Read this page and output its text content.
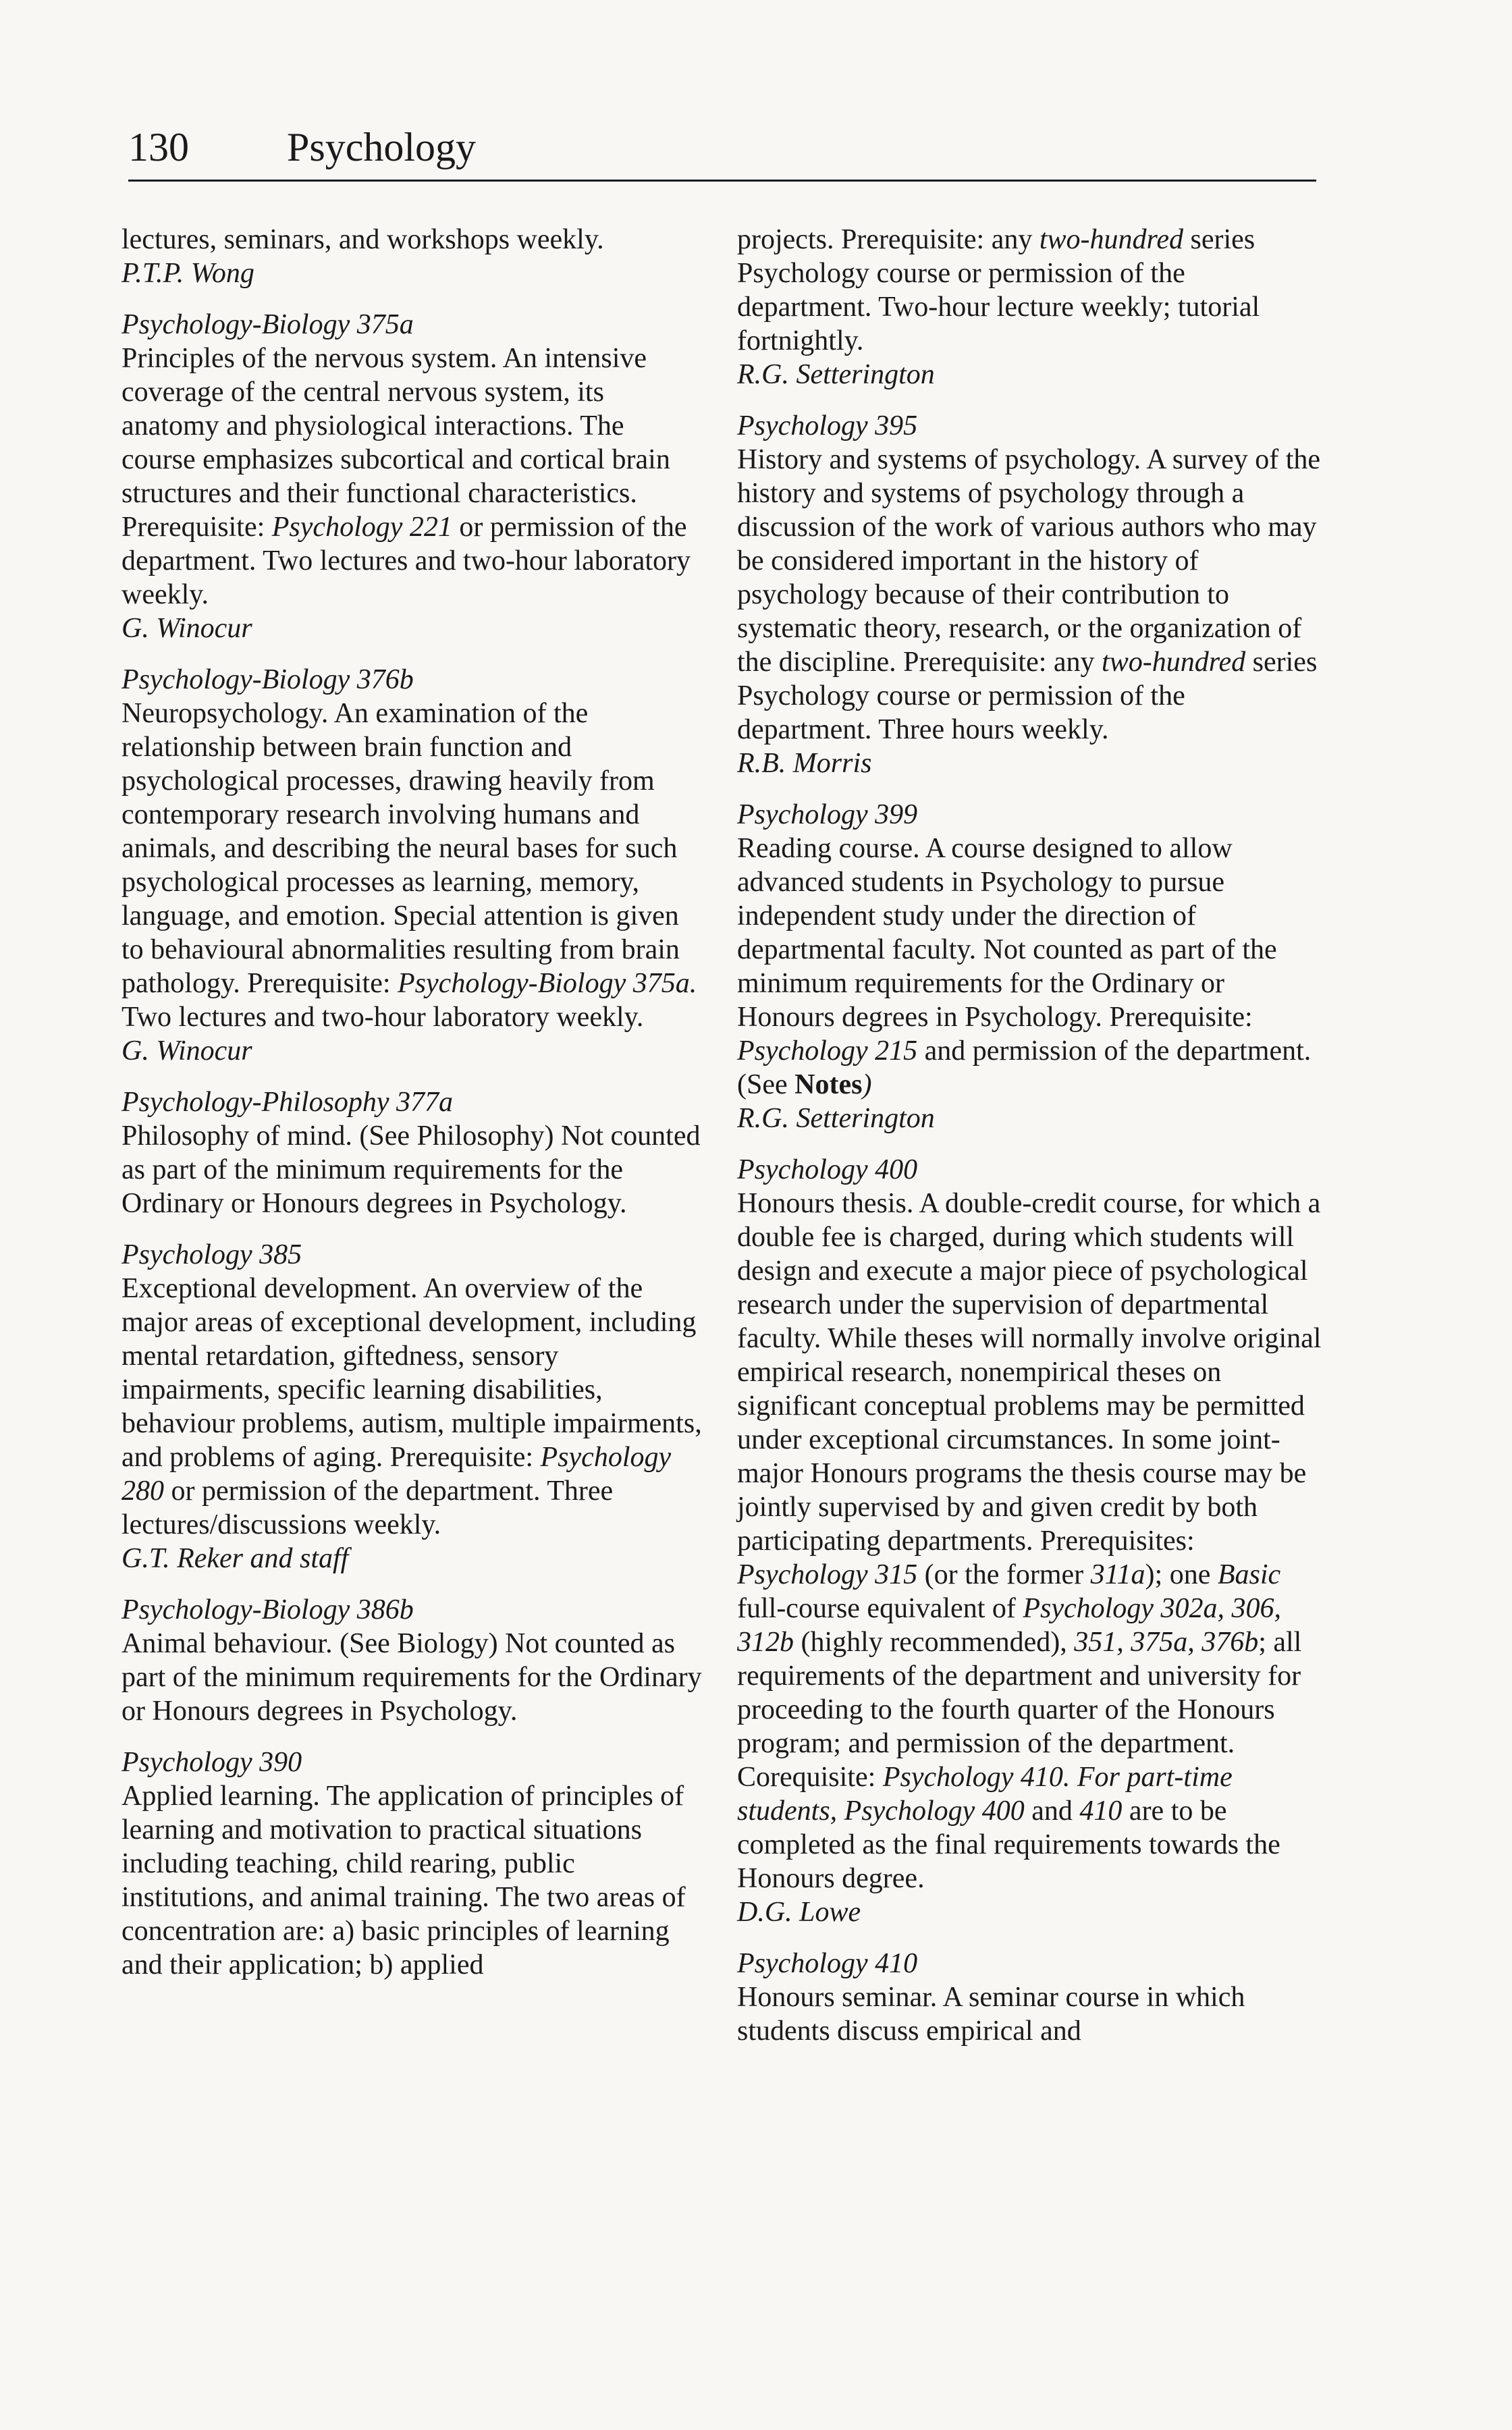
130	Psychology

lectures, seminars, and workshops weekly.

P.T.P. Wong

Psychology-Biology 375a

Principles of the nervous system. An intensive coverage of the central nervous system, its anatomy and physiological interactions. The course emphasizes subcortical and cortical brain structures and their functional characteristics. Prerequisite: Psychology 221 or permission of the department. Two lectures and two-hour laboratory weekly.

G. Winocur

Psychology-Biology 376b

Neuropsychology. An examination of the relationship between brain function and psychological processes, drawing heavily from contemporary research involving humans and animals, and describing the neural bases for such psychological processes as learning, memory, language, and emotion. Special attention is given to behavioural abnormalities resulting from brain pathology. Prerequisite: Psychology-Biology 375a. Two lectures and two-hour laboratory weekly.

G. Winocur

Psychology-Philosophy 377a

Philosophy of mind. (See Philosophy) Not counted as part of the minimum requirements for the Ordinary or Honours degrees in Psychology.

Psychology 385

Exceptional development. An overview of the major areas of exceptional development, including mental retardation, giftedness, sensory impairments, specific learning disabilities, behaviour problems, autism, multiple impairments, and problems of aging. Prerequisite: Psychology 280 or permission of the department. Three lectures/discussions weekly.

G.T. Reker and staff

Psychology-Biology 386b

Animal behaviour. (See Biology) Not counted as part of the minimum requirements for the Ordinary or Honours degrees in Psychology.

Psychology 390

Applied learning. The application of principles of learning and motivation to practical situations including teaching, child rearing, public institutions, and animal training. The two areas of concentration are: a) basic principles of learning and their application; b) applied

projects. Prerequisite: any two-hundred series Psychology course or permission of the department. Two-hour lecture weekly; tutorial fortnightly.

R.G. Setterington

Psychology 395

History and systems of psychology. A survey of the history and systems of psychology through a discussion of the work of various authors who may be considered important in the history of psychology because of their contribution to systematic theory, research, or the organization of the discipline. Prerequisite: any two-hundred series Psychology course or permission of the department. Three hours weekly.

R.B. Morris

Psychology 399

Reading course. A course designed to allow advanced students in Psychology to pursue independent study under the direction of departmental faculty. Not counted as part of the minimum requirements for the Ordinary or Honours degrees in Psychology. Prerequisite: Psychology 215 and permission of the department. (See Notes)

R.G. Setterington

Psychology 400

Honours thesis. A double-credit course, for which a double fee is charged, during which students will design and execute a major piece of psychological research under the supervision of departmental faculty. While theses will normally involve original empirical research, nonempirical theses on significant conceptual problems may be permitted under exceptional circumstances. In some joint-major Honours programs the thesis course may be jointly supervised by and given credit by both participating departments. Prerequisites: Psychology 315 (or the former 311a); one Basic full-course equivalent of Psychology 302a, 306, 312b (highly recommended), 351, 375a, 376b; all requirements of the department and university for proceeding to the fourth quarter of the Honours program; and permission of the department. Corequisite: Psychology 410. For part-time students, Psychology 400 and 410 are to be completed as the final requirements towards the Honours degree.

D.G. Lowe

Psychology 410

Honours seminar. A seminar course in which students discuss empirical and
